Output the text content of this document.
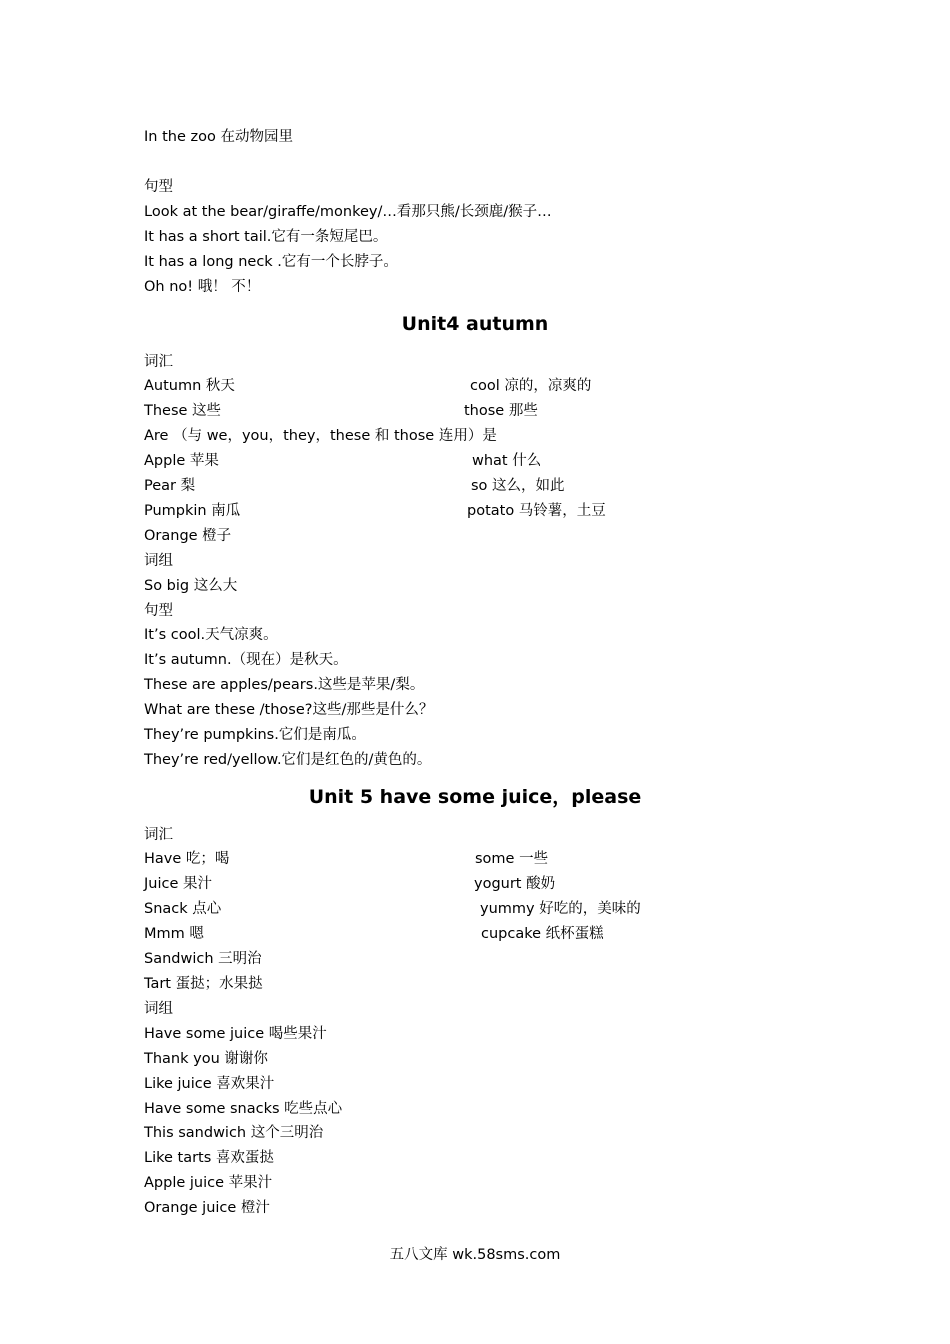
In the zoo 在动物园里
句型
Look at the bear/giraffe/monkey/…看那只熊/长颈鹿/猴子…
It has a short tail.它有一条短尾巴。
It has a long neck .它有一个长脖子。
Oh no! 哦！ 不！
Unit4 autumn
词汇
Autumn 秋天	cool 凉的，凉爽的
These 这些	those 那些
Are （与 we，you，they，these 和 those 连用）是
Apple 苹果	what 什么
Pear 梨	so 这么，如此
Pumpkin 南瓜	potato 马铃薯，土豆
Orange 橙子
词组
So big 这么大
句型
It’s cool.天气凉爽。
It’s autumn.（现在）是秋天。
These are apples/pears.这些是苹果/梨。
What are these /those?这些/那些是什么？
They’re pumpkins.它们是南瓜。
They’re red/yellow.它们是红色的/黄色的。
Unit 5 have some juice，please
词汇
Have 吃；喝	some 一些
Juice 果汁	yogurt 酸奶
Snack 点心	yummy 好吃的，美味的
Mmm 嗯	cupcake 纸杯蛋糕
Sandwich 三明治
Tart 蛋挞；水果挞
词组
Have some juice 喝些果汁
Thank you 谢谢你
Like juice 喜欢果汁
Have some snacks 吃些点心
This sandwich 这个三明治
Like tarts 喜欢蛋挞
Apple juice 苹果汁
Orange juice 橙汁
五八文库 wk.58sms.com
